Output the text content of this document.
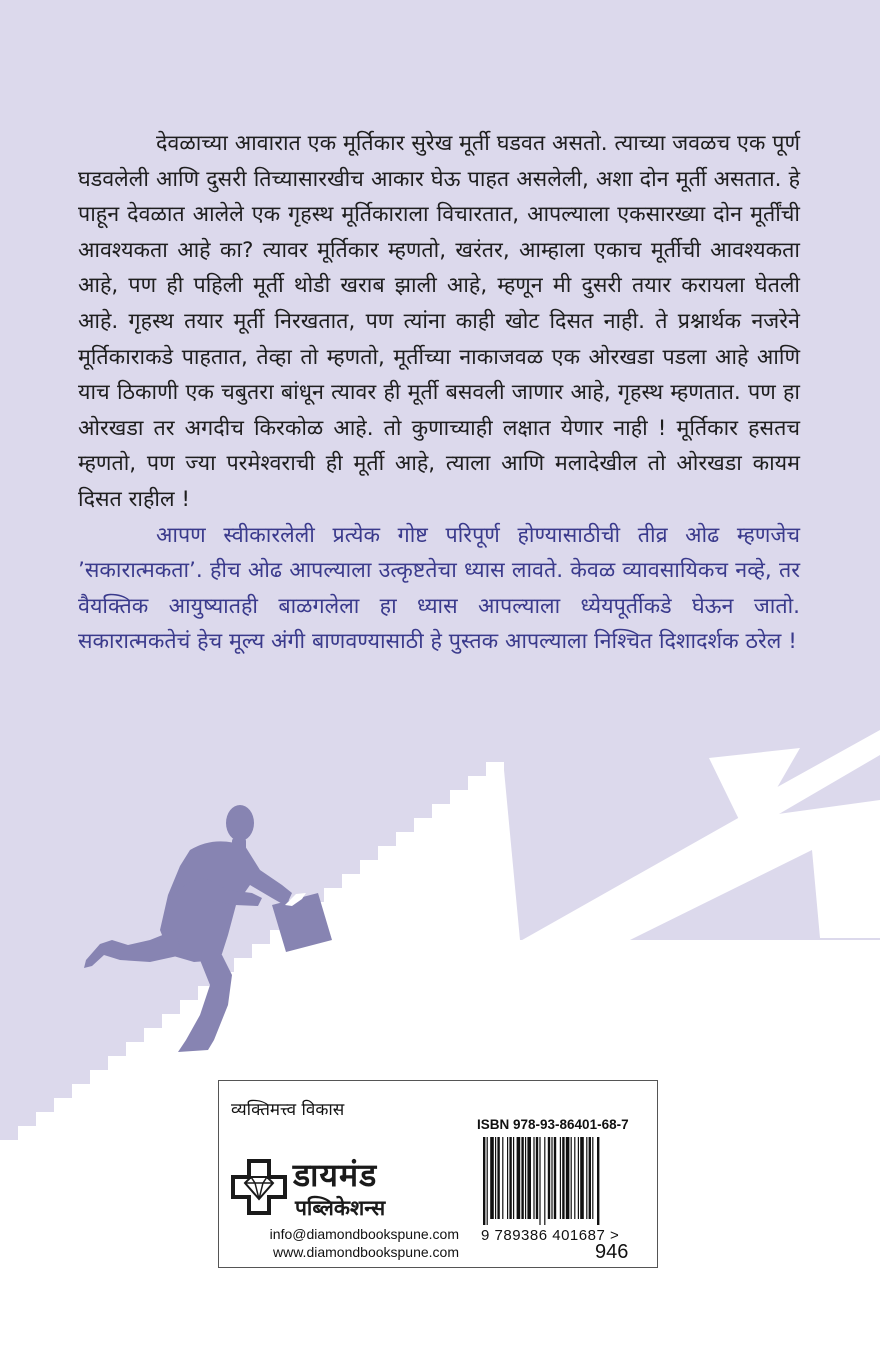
देवळाच्या आवारात एक मूर्तिकार सुरेख मूर्ती घडवत असतो. त्याच्या जवळच एक पूर्ण घडवलेली आणि दुसरी तिच्यासारखीच आकार घेऊ पाहत असलेली, अशा दोन मूर्ती असतात. हे पाहून देवळात आलेले एक गृहस्थ मूर्तिकाराला विचारतात, आपल्याला एकसारख्या दोन मूर्तींची आवश्यकता आहे का? त्यावर मूर्तिकार म्हणतो, खरंतर, आम्हाला एकाच मूर्तीची आवश्यकता आहे, पण ही पहिली मूर्ती थोडी खराब झाली आहे, म्हणून मी दुसरी तयार करायला घेतली आहे. गृहस्थ तयार मूर्ती निरखतात, पण त्यांना काही खोट दिसत नाही. ते प्रश्नार्थक नजरेने मूर्तिकाराकडे पाहतात, तेव्हा तो म्हणतो, मूर्तीच्या नाकाजवळ एक ओरखडा पडला आहे आणि याच ठिकाणी एक चबुतरा बांधून त्यावर ही मूर्ती बसवली जाणार आहे, गृहस्थ म्हणतात. पण हा ओरखडा तर अगदीच किरकोळ आहे. तो कुणाच्याही लक्षात येणार नाही ! मूर्तिकार हसतच म्हणतो, पण ज्या परमेश्वराची ही मूर्ती आहे, त्याला आणि मलादेखील तो ओरखडा कायम दिसत राहील !

आपण स्वीकारलेली प्रत्येक गोष्ट परिपूर्ण होण्यासाठीची तीव्र ओढ म्हणजेच ’सकारात्मकता’. हीच ओढ आपल्याला उत्कृष्टतेचा ध्यास लावते. केवळ व्यावसायिकच नव्हे, तर वैयक्तिक आयुष्यातही बाळगलेला हा ध्यास आपल्याला ध्येयपूर्तीकडे घेऊन जातो. सकारात्मकतेचं हेच मूल्य अंगी बाणवण्यासाठी हे पुस्तक आपल्याला निश्चित दिशादर्शक ठरेल !

व्यक्तिमत्त्व विकास
डायमंड
पब्लिकेशन्स
info@diamondbookspune.com
www.diamondbookspune.com
ISBN 978-93-86401-68-7
9 789386 401687 >
946
